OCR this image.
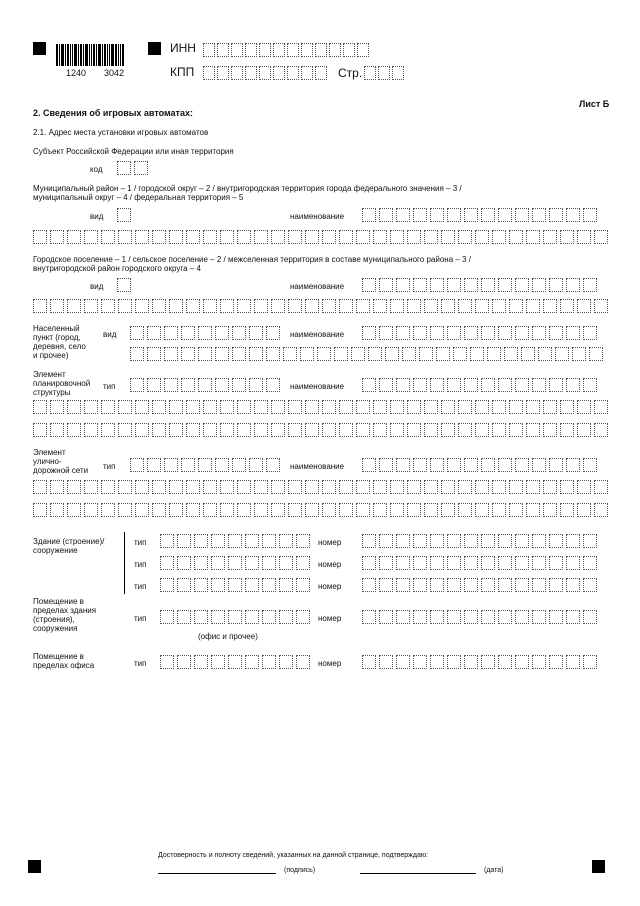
1240 3042
ИНН
КПП	Стр.
Лист Б
2. Сведения об игровых автоматах:
2.1. Адрес места установки игровых автоматов
Субъект Российской Федерации или иная территория
код
Муниципальный район – 1 / городской округ – 2 / внутригородская территория города федерального значения – 3 /
муниципальный округ – 4 / федеральная территория – 5
вид	наименование
Городское поселение – 1 / сельское поселение – 2 / межселенная территория в составе муниципального района – 3 /
внутригородской район городского округа – 4
вид	наименование
Населенный
пункт (город,
деревня, село
и прочее)
вид	наименование
Элемент
планировочной
структуры
тип	наименование
Элемент
улично-
дорожной сети тип	наименование
Здание (строение)/
сооружение
тип	номер
тип	номер
тип	номер
Помещение в
пределах здания
(строения),
сооружения
тип	номер
(офис и прочее)
Помещение в
пределах офиса	тип	номер
Достоверность и полноту сведений, указанных на данной странице, подтверждаю:
(подпись)	(дата)
